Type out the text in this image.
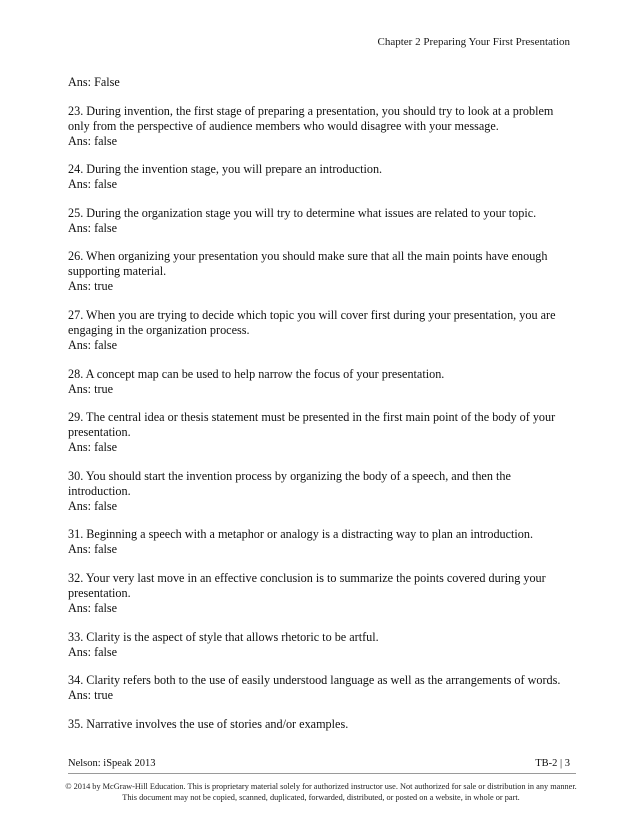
Chapter 2 Preparing Your First Presentation

Ans: False

23. During invention, the first stage of preparing a presentation, you should try to look at a problem only from the perspective of audience members who would disagree with your message.

Ans: false

24. During the invention stage, you will prepare an introduction.

Ans: false

25. During the organization stage you will try to determine what issues are related to your topic.

Ans: false

26. When organizing your presentation you should make sure that all the main points have enough supporting material.

Ans: true

27. When you are trying to decide which topic you will cover first during your presentation, you are engaging in the organization process.

Ans: false

28. A concept map can be used to help narrow the focus of your presentation.

Ans: true

29. The central idea or thesis statement must be presented in the first main point of the body of your presentation.

Ans: false

30. You should start the invention process by organizing the body of a speech, and then the introduction.

Ans: false

31. Beginning a speech with a metaphor or analogy is a distracting way to plan an introduction.

Ans: false

32. Your very last move in an effective conclusion is to summarize the points covered during your presentation.

Ans: false

33. Clarity is the aspect of style that allows rhetoric to be artful.

Ans: false

34. Clarity refers both to the use of easily understood language as well as the arrangements of words.

Ans: true

35. Narrative involves the use of stories and/or examples.

Nelson: iSpeak 2013	TB-2 | 3
© 2014 by McGraw-Hill Education. This is proprietary material solely for authorized instructor use. Not authorized for sale or distribution in any manner. This document may not be copied, scanned, duplicated, forwarded, distributed, or posted on a website, in whole or part.
